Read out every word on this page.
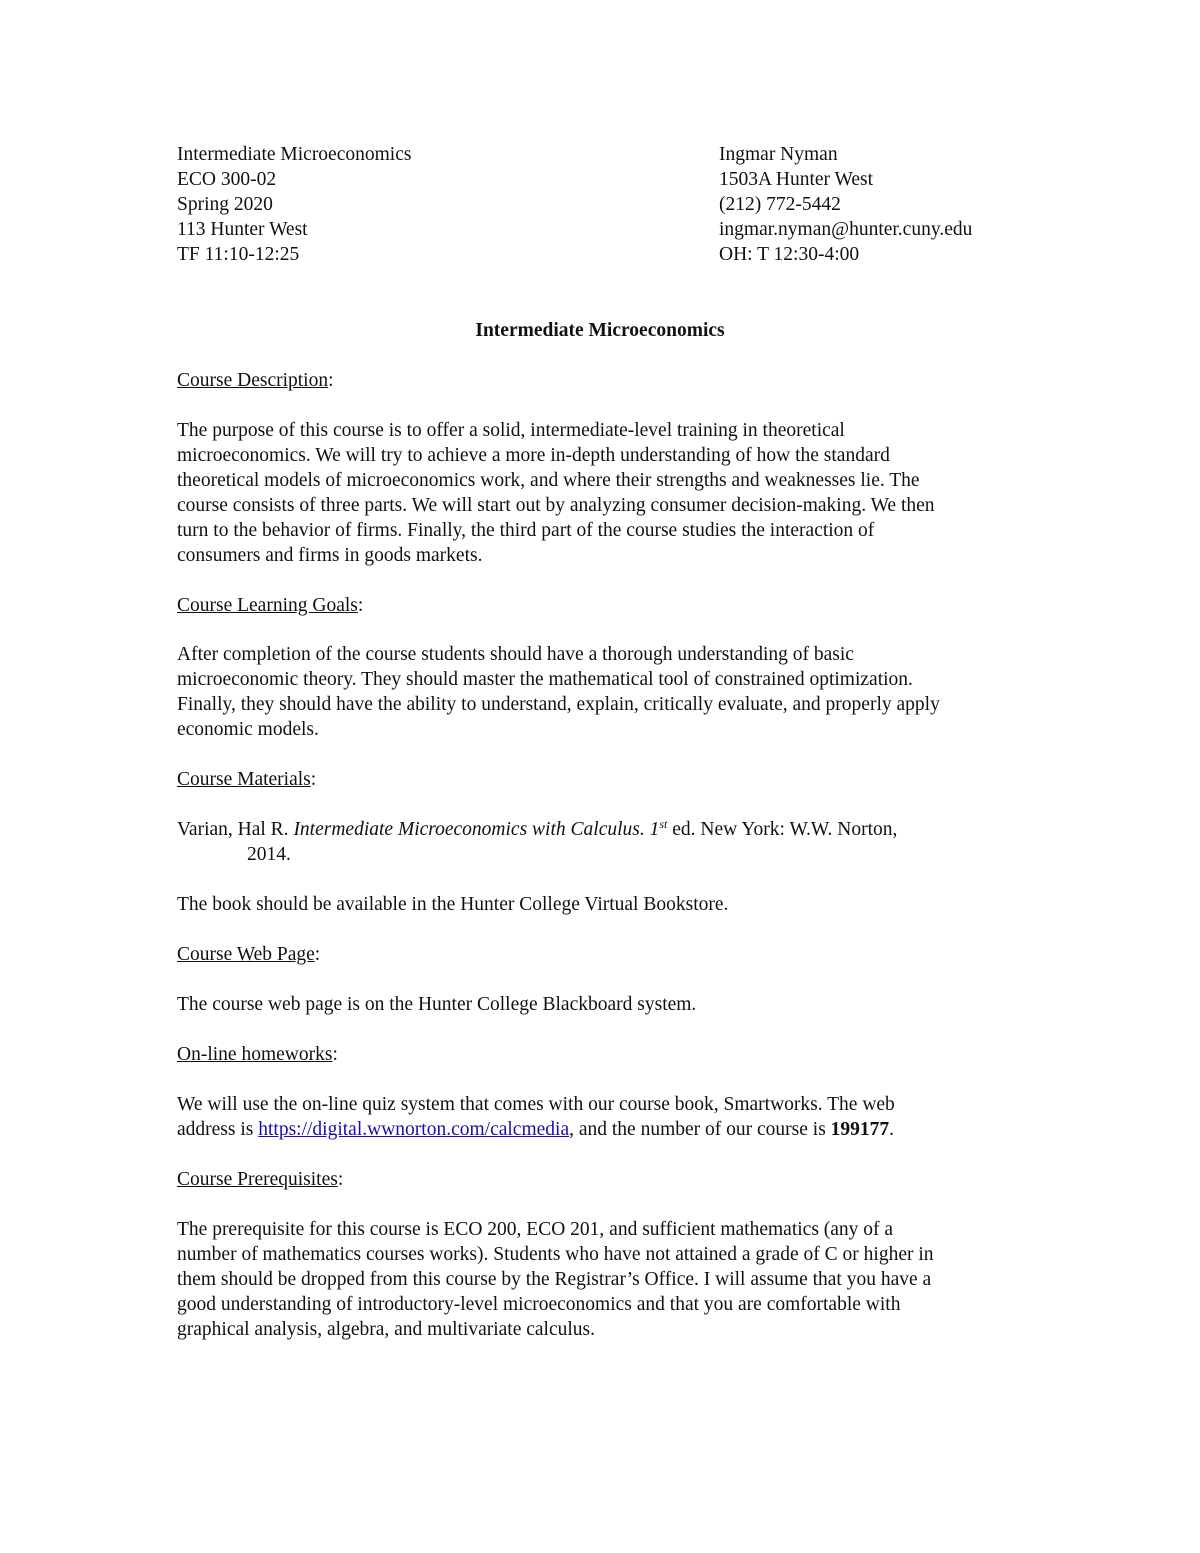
Intermediate Microeconomics
ECO 300-02
Spring 2020
113 Hunter West
TF 11:10-12:25
Ingmar Nyman
1503A Hunter West
(212) 772-5442
ingmar.nyman@hunter.cuny.edu
OH: T 12:30-4:00
Intermediate Microeconomics
Course Description:
The purpose of this course is to offer a solid, intermediate-level training in theoretical
microeconomics. We will try to achieve a more in-depth understanding of how the standard
theoretical models of microeconomics work, and where their strengths and weaknesses lie. The
course consists of three parts. We will start out by analyzing consumer decision-making. We then
turn to the behavior of firms. Finally, the third part of the course studies the interaction of
consumers and firms in goods markets.
Course Learning Goals:
After completion of the course students should have a thorough understanding of basic
microeconomic theory. They should master the mathematical tool of constrained optimization.
Finally, they should have the ability to understand, explain, critically evaluate, and properly apply
economic models.
Course Materials:
Varian, Hal R. Intermediate Microeconomics with Calculus. 1st ed. New York: W.W. Norton,
2014.
The book should be available in the Hunter College Virtual Bookstore.
Course Web Page:
The course web page is on the Hunter College Blackboard system.
On-line homeworks:
We will use the on-line quiz system that comes with our course book, Smartworks. The web
address is https://digital.wwnorton.com/calcmedia, and the number of our course is 199177.
Course Prerequisites:
The prerequisite for this course is ECO 200, ECO 201, and sufficient mathematics (any of a
number of mathematics courses works). Students who have not attained a grade of C or higher in
them should be dropped from this course by the Registrar’s Office. I will assume that you have a
good understanding of introductory-level microeconomics and that you are comfortable with
graphical analysis, algebra, and multivariate calculus.
